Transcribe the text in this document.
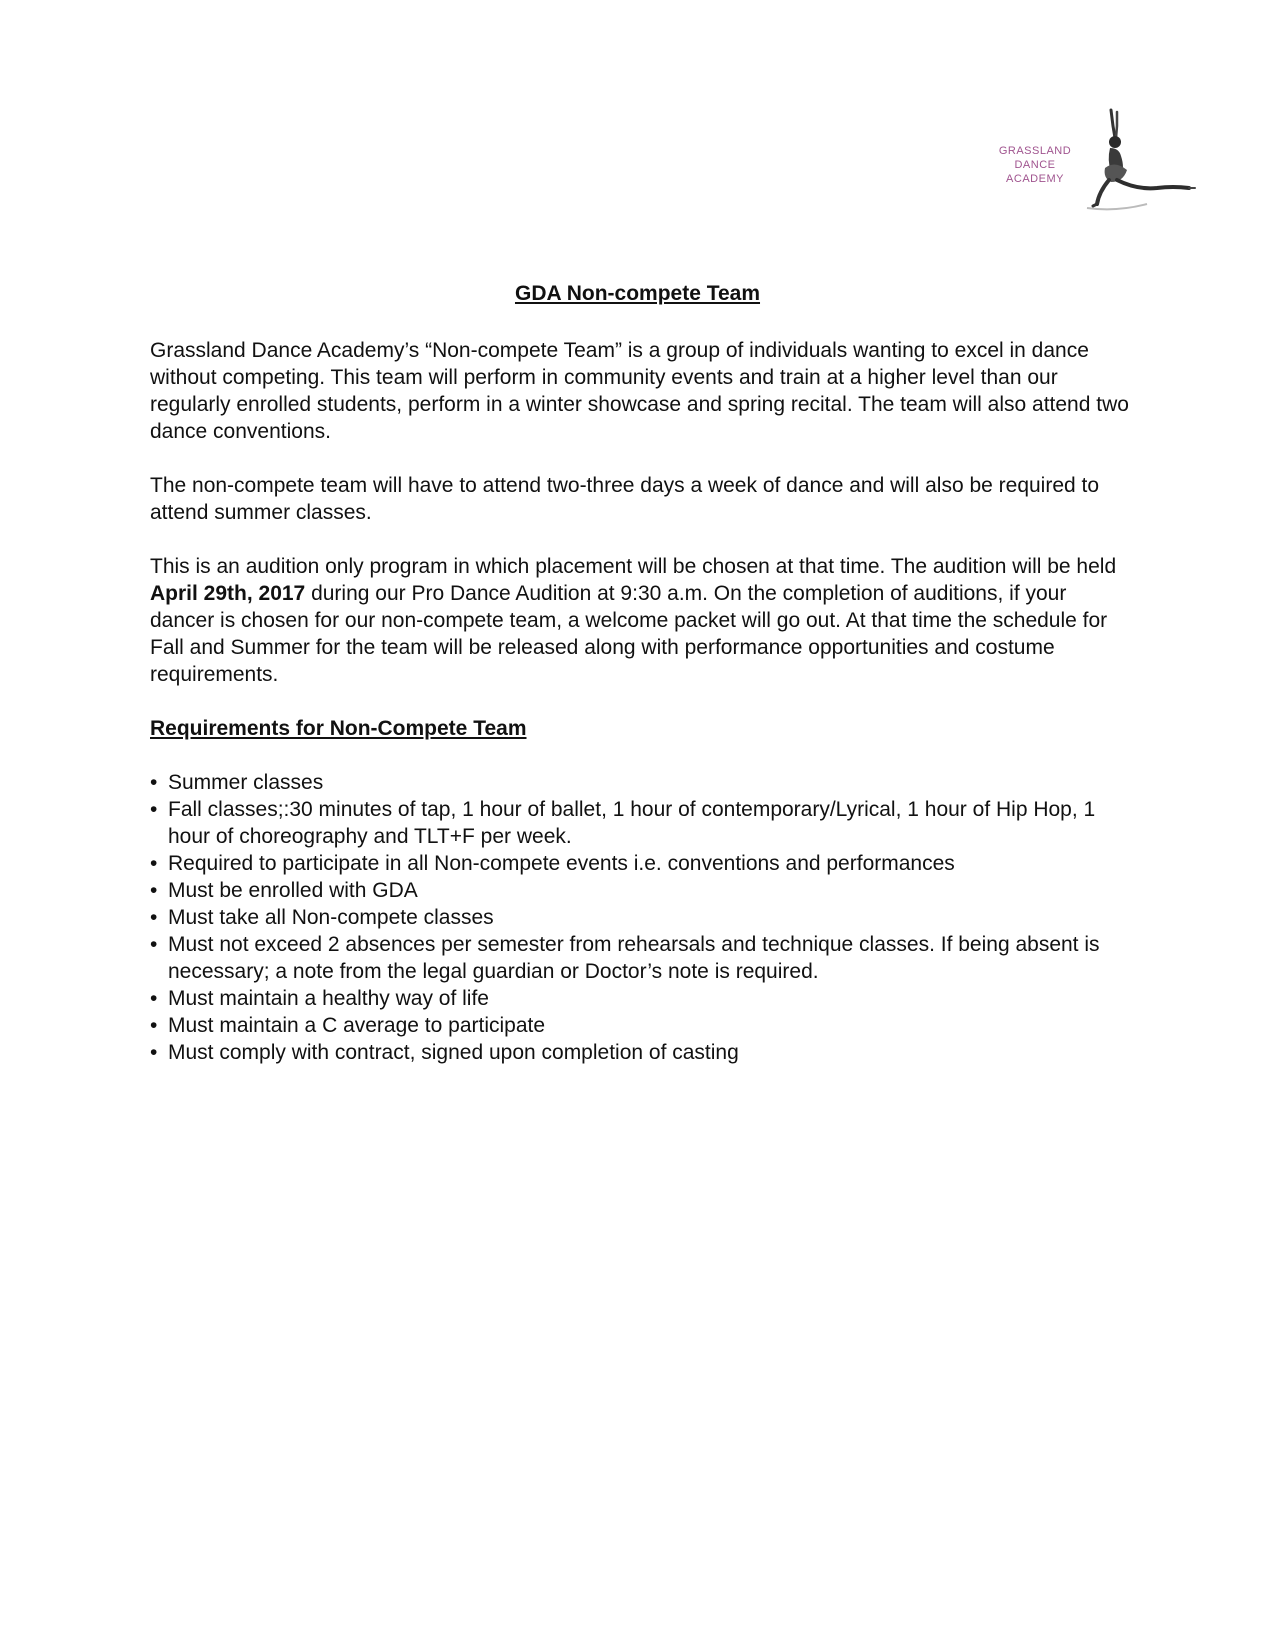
GRASSLAND
DANCE
ACADEMY
GDA Non-compete Team

Grassland Dance Academy’s “Non-compete Team” is a group of individuals wanting to excel in dance without competing. This team will perform in community events and train at a higher level than our regularly enrolled students, perform in a winter showcase and spring recital. The team will also attend two dance conventions.

The non-compete team will have to attend two-three days a week of dance and will also be required to attend summer classes.

This is an audition only program in which placement will be chosen at that time. The audition will be held April 29th, 2017 during our Pro Dance Audition at 9:30 a.m. On the completion of auditions, if your dancer is chosen for our non-compete team, a welcome packet will go out. At that time the schedule for Fall and Summer for the team will be released along with performance opportunities and costume requirements.

Requirements for Non-Compete Team
• Summer classes
• Fall classes;:30 minutes of tap, 1 hour of ballet, 1 hour of contemporary/Lyrical, 1 hour of Hip Hop, 1 hour of choreography and TLT+F per week.
• Required to participate in all Non-compete events i.e. conventions and performances
• Must be enrolled with GDA
• Must take all Non-compete classes
• Must not exceed 2 absences per semester from rehearsals and technique classes. If being absent is necessary; a note from the legal guardian or Doctor’s note is required.
• Must maintain a healthy way of life
• Must maintain a C average to participate
• Must comply with contract, signed upon completion of casting
